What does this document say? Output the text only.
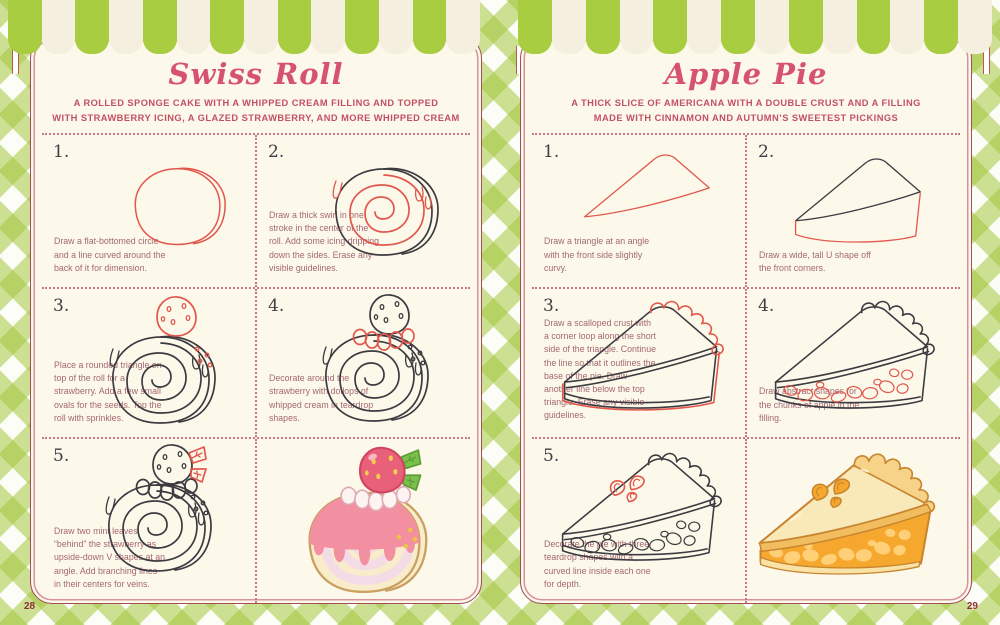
Swiss Roll
A ROLLED SPONGE CAKE WITH A WHIPPED CREAM FILLING AND TOPPED
WITH STRAWBERRY ICING, A GLAZED STRAWBERRY, AND MORE WHIPPED CREAM
1.
Draw a flat-bottomed circle and a line curved around the back of it for dimension.
2.
Draw a thick swirl in one stroke in the center of the roll. Add some icing dripping down the sides. Erase any visible guidelines.
3.
Place a rounded triangle on top of the roll for a strawberry. Add a few small ovals for the seeds. Top the roll with sprinkles.
4.
Decorate around the strawberry with dollops of whipped cream in teardrop shapes.
5.
Draw two mint leaves “behind” the strawberry as upside-down V shapes at an angle. Add branching lines in their centers for veins.
Apple Pie
A THICK SLICE OF AMERICANA WITH A DOUBLE CRUST AND A FILLING
MADE WITH CINNAMON AND AUTUMN’S SWEETEST PICKINGS
1.
Draw a triangle at an angle with the front side slightly curvy.
2.
Draw a wide, tall U shape off the front corners.
3.
Draw a scalloped crust with a corner loop along the short side of the triangle. Continue the line so that it outlines the base of the pie. Draw another line below the top triangle. Erase any visible guidelines.
4.
Draw abstract shapes for the chunks of apple in the filling.
5.
Decorate the pie with three teardrop shapes with a curved line inside each one for depth.
28	29
